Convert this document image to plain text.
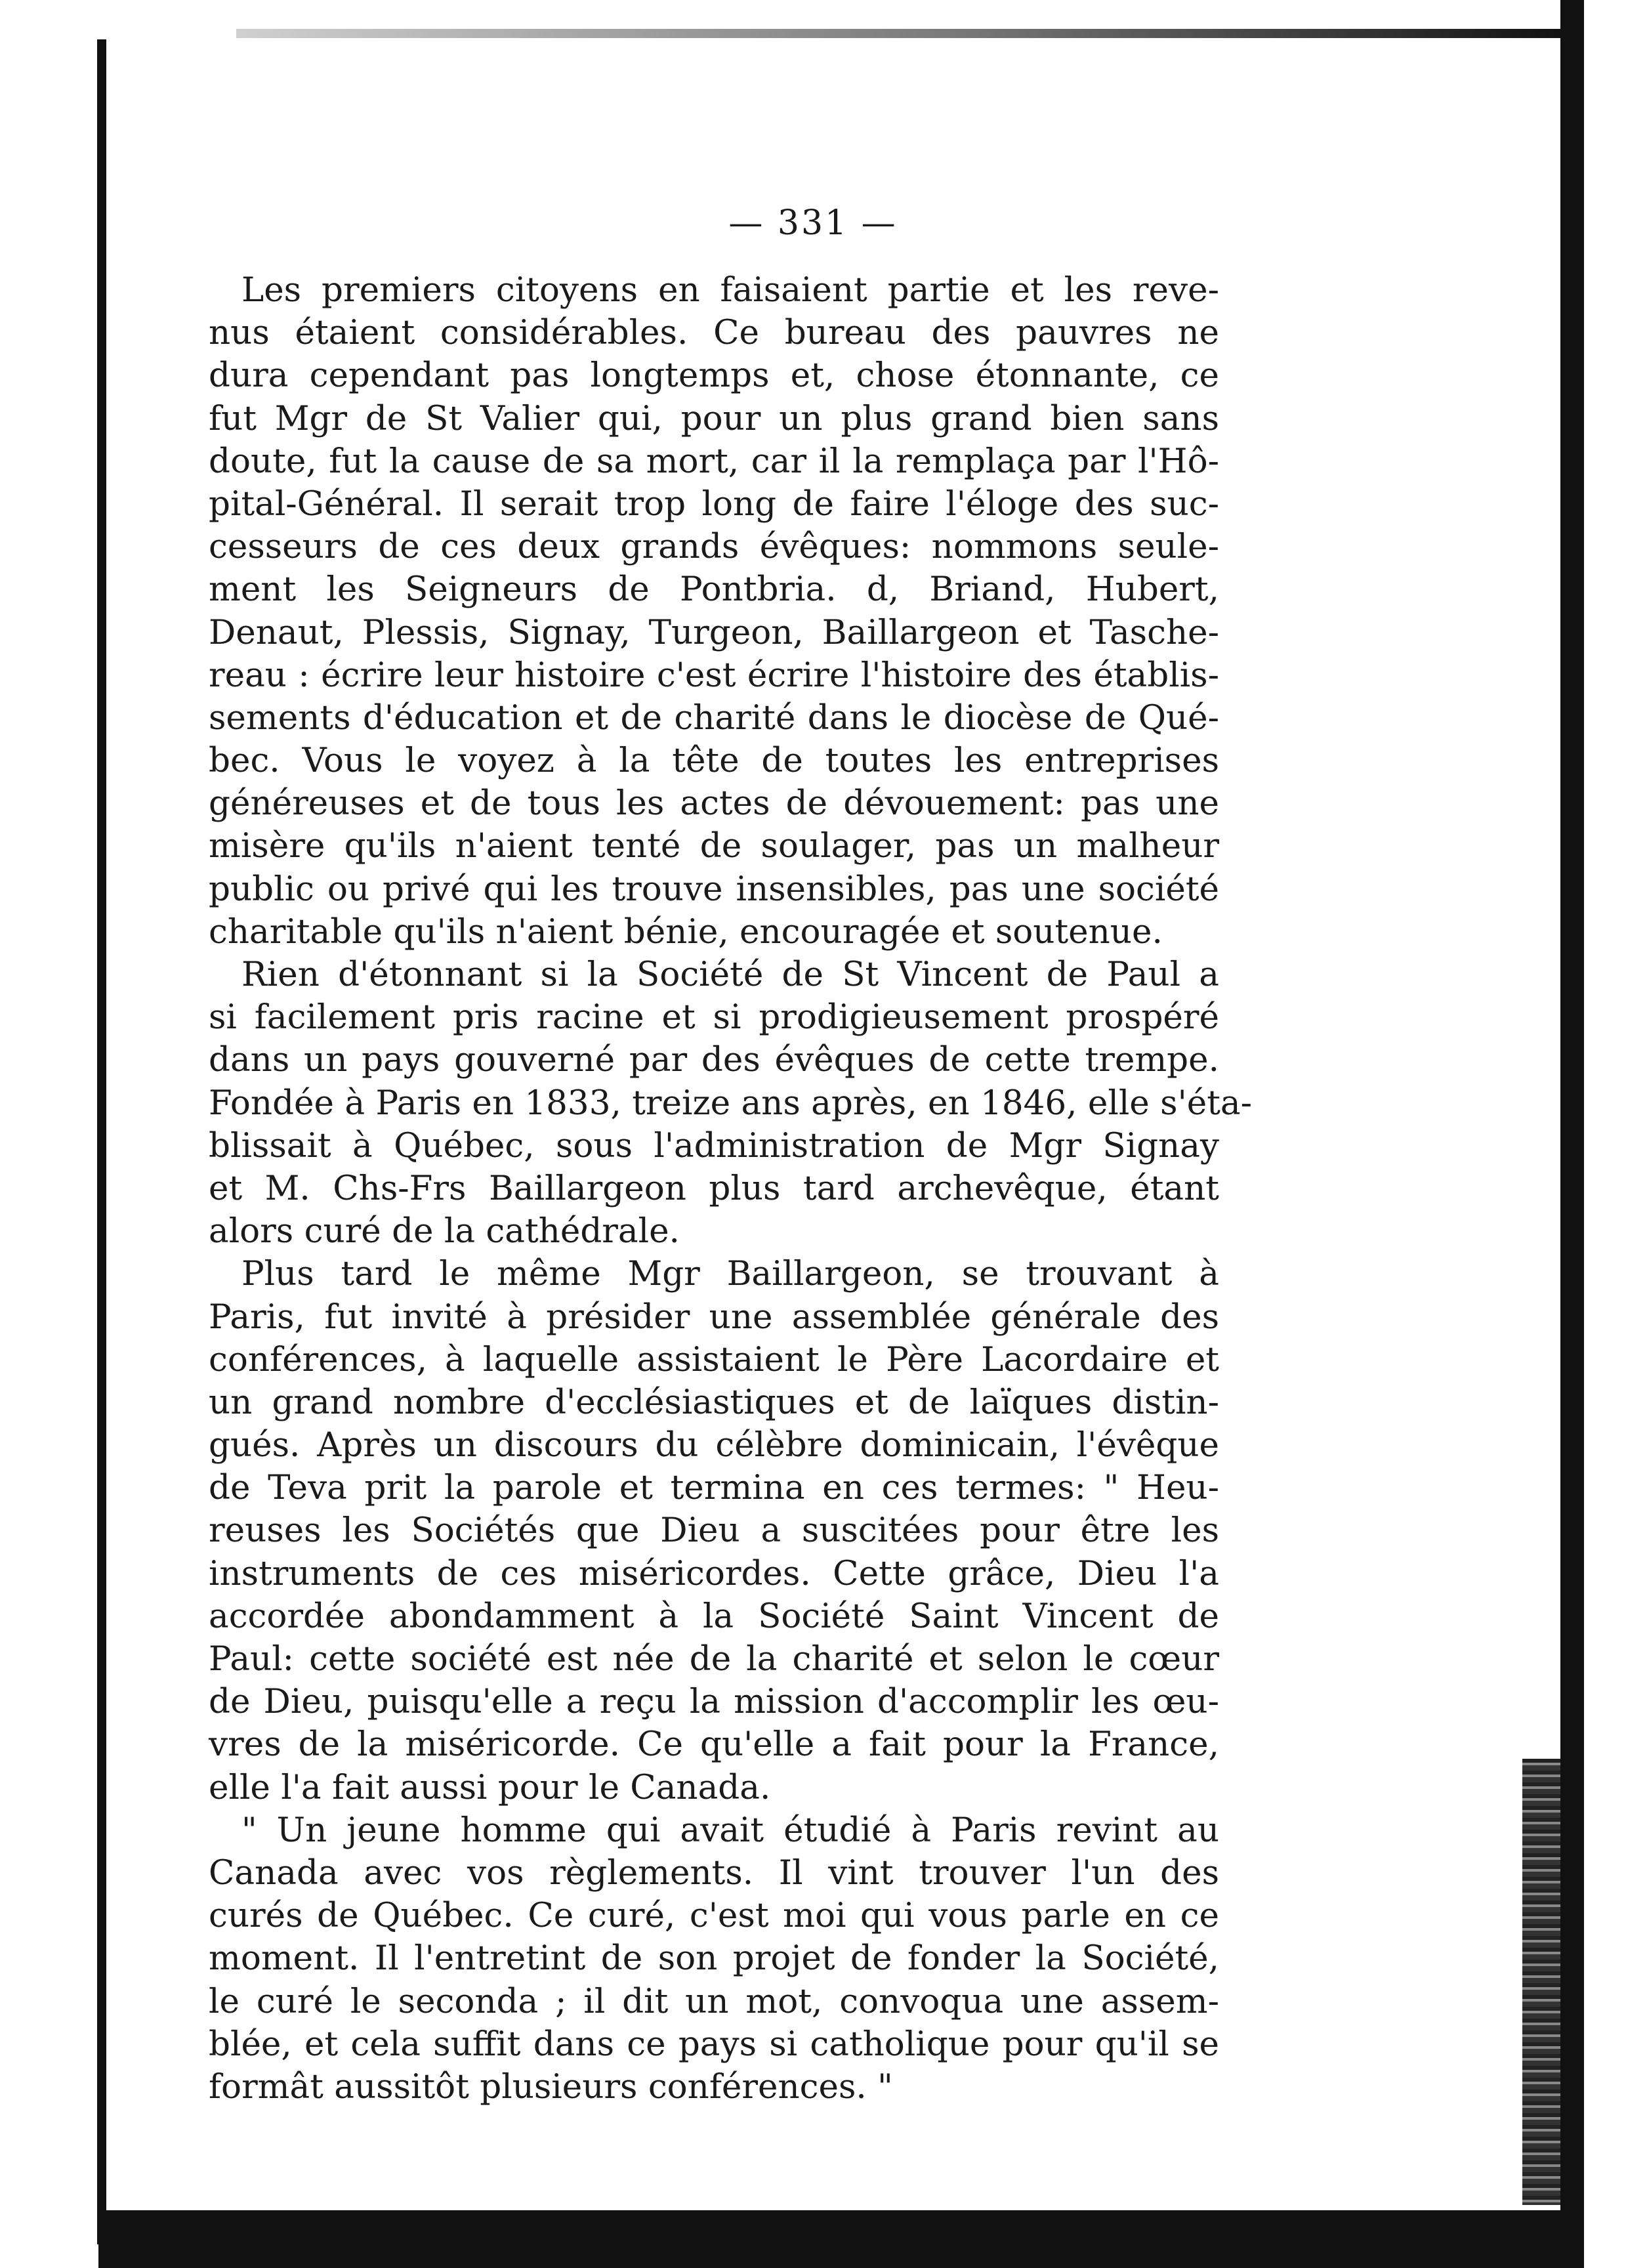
— 331 —
Les premiers citoyens en faisaient partie et les reve-
nus étaient considérables. Ce bureau des pauvres ne
dura cependant pas longtemps et, chose étonnante, ce
fut Mgr de St Valier qui, pour un plus grand bien sans
doute, fut la cause de sa mort, car il la remplaça par l'Hô-
pital-Général. Il serait trop long de faire l'éloge des suc-
cesseurs de ces deux grands évêques: nommons seule-
ment les Seigneurs de Pontbria. d, Briand, Hubert,
Denaut, Plessis, Signay, Turgeon, Baillargeon et Tasche-
reau : écrire leur histoire c'est écrire l'histoire des établis-
sements d'éducation et de charité dans le diocèse de Qué-
bec. Vous le voyez à la tête de toutes les entreprises
généreuses et de tous les actes de dévouement: pas une
misère qu'ils n'aient tenté de soulager, pas un malheur
public ou privé qui les trouve insensibles, pas une société
charitable qu'ils n'aient bénie, encouragée et soutenue.
Rien d'étonnant si la Société de St Vincent de Paul a
si facilement pris racine et si prodigieusement prospéré
dans un pays gouverné par des évêques de cette trempe.
Fondée à Paris en 1833, treize ans après, en 1846, elle s'éta-
blissait à Québec, sous l'administration de Mgr Signay
et M. Chs-Frs Baillargeon plus tard archevêque, étant
alors curé de la cathédrale.
Plus tard le même Mgr Baillargeon, se trouvant à
Paris, fut invité à présider une assemblée générale des
conférences, à laquelle assistaient le Père Lacordaire et
un grand nombre d'ecclésiastiques et de laïques distin-
gués. Après un discours du célèbre dominicain, l'évêque
de Teva prit la parole et termina en ces termes: " Heu-
reuses les Sociétés que Dieu a suscitées pour être les
instruments de ces miséricordes. Cette grâce, Dieu l'a
accordée abondamment à la Société Saint Vincent de
Paul: cette société est née de la charité et selon le cœur
de Dieu, puisqu'elle a reçu la mission d'accomplir les œu-
vres de la miséricorde. Ce qu'elle a fait pour la France,
elle l'a fait aussi pour le Canada.
" Un jeune homme qui avait étudié à Paris revint au
Canada avec vos règlements. Il vint trouver l'un des
curés de Québec. Ce curé, c'est moi qui vous parle en ce
moment. Il l'entretint de son projet de fonder la Société,
le curé le seconda ; il dit un mot, convoqua une assem-
blée, et cela suffit dans ce pays si catholique pour qu'il se
formât aussitôt plusieurs conférences. "
